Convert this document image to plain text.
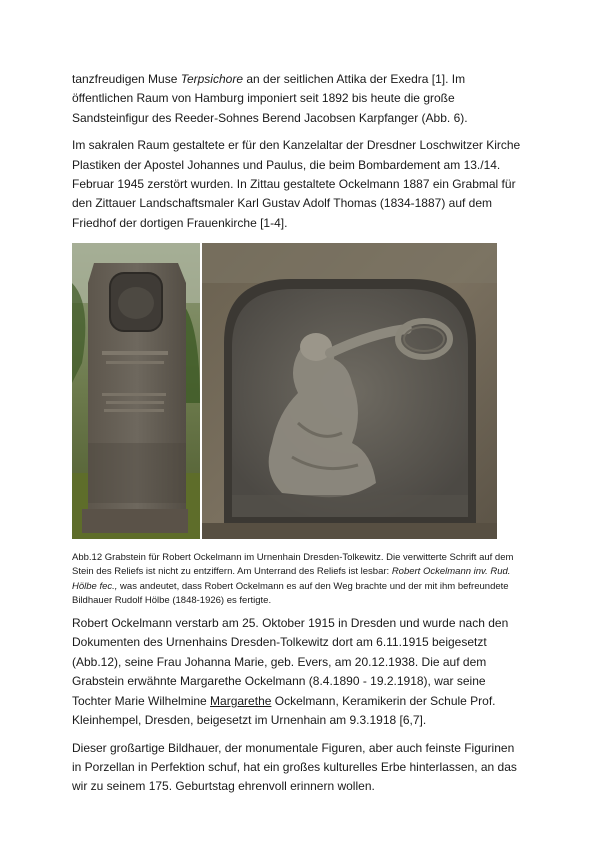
tanzfreudigen Muse Terpsichore an der seitlichen Attika der Exedra [1]. Im öffentlichen Raum von Hamburg imponiert seit 1892 bis heute die große Sandsteinfigur des Reeder-Sohnes Berend Jacobsen Karpfanger (Abb. 6).

Im sakralen Raum gestaltete er für den Kanzelaltar der Dresdner Loschwitzer Kirche Plastiken der Apostel Johannes und Paulus, die beim Bombardement am 13./14. Februar 1945 zerstört wurden. In Zittau gestaltete Ockelmann 1887 ein Grabmal für den Zittauer Landschaftsmaler Karl Gustav Adolf Thomas (1834-1887) auf dem Friedhof der dortigen Frauenkirche [1-4].

Abb.12 Grabstein für Robert Ockelmann im Urnenhain Dresden-Tolkewitz. Die verwitterte Schrift auf dem Stein des Reliefs ist nicht zu entziffern. Am Unterrand des Reliefs ist lesbar: Robert Ockelmann inv. Rud. Hölbe fec., was andeutet, dass Robert Ockelmann es auf den Weg brachte und der mit ihm befreundete Bildhauer Rudolf Hölbe (1848-1926) es fertigte.

Robert Ockelmann verstarb am 25. Oktober 1915 in Dresden und wurde nach den Dokumenten des Urnenhains Dresden-Tolkewitz dort am 6.11.1915 beigesetzt (Abb.12), seine Frau Johanna Marie, geb. Evers, am 20.12.1938. Die auf dem Grabstein erwähnte Margarethe Ockelmann (8.4.1890 - 19.2.1918), war seine Tochter Marie Wilhelmine Margarethe Ockelmann, Keramikerin der Schule Prof. Kleinhempel, Dresden, beigesetzt im Urnenhain am 9.3.1918 [6,7].

Dieser großartige Bildhauer, der monumentale Figuren, aber auch feinste Figurinen in Porzellan in Perfektion schuf, hat ein großes kulturelles Erbe hinterlassen, an das wir zu seinem 175. Geburtstag ehrenvoll erinnern wollen.
